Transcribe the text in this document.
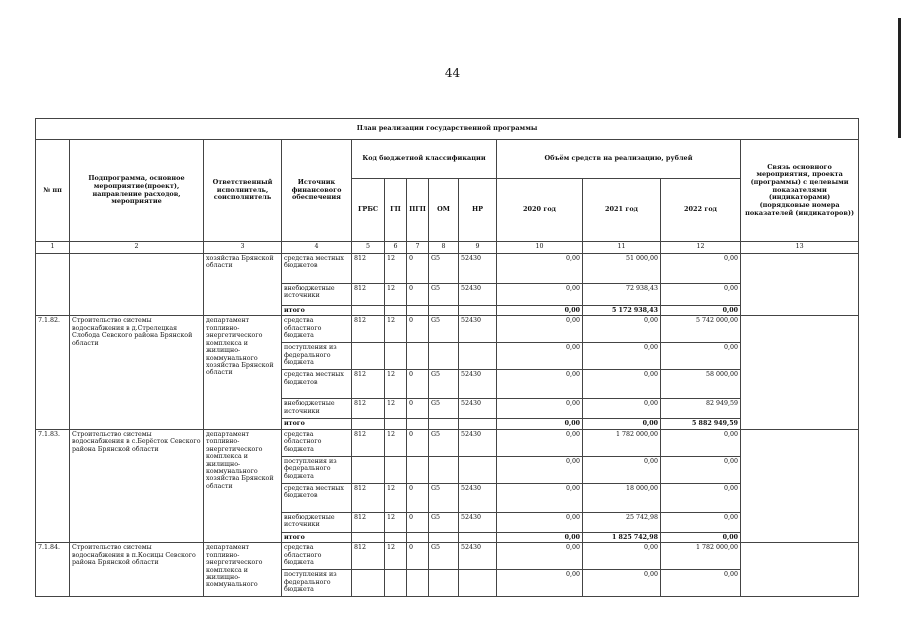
44
План реализации государственной программы												
№ пп	Подпрограмма, основное мероприятие(проект), направление расходов, мероприятие	Ответственный исполнитель, соисполнитель	Источник финансового обеспечения	Код бюджетной классификации					Объём средств на реализацию, рублей			Связь основного мероприятия, проекта (программы) с целевыми показателями (индикаторами) (порядковые номера показателей (индикаторов))
				ГРБС	ГП	ПГП	ОМ	НР	2020 год	2021 год	2022 год	
1	2	3	4	5	6	7	8	9	10	11	12	13
		хозяйства Брянской области	средства местных бюджетов	812	12	0	G5	52430	0,00	51 000,00	0,00	
			внебюджетные источники	812	12	0	G5	52430	0,00	72 938,43	0,00	
			итого						0,00	5 172 938,43	0,00	
7.1.82.	Строительство системы водоснабжения в д.Стрелецкая Слобода Севского района Брянской области	департамент топливно-энергетического комплекса и жилищно-коммунального хозяйства Брянской области	средства областного бюджета	812	12	0	G5	52430	0,00	0,00	5 742 000,00	
			поступления из федерального бюджета						0,00	0,00	0,00	
			средства местных бюджетов	812	12	0	G5	52430	0,00	0,00	58 000,00	
			внебюджетные источники	812	12	0	G5	52430	0,00	0,00	82 949,59	
			итого						0,00	0,00	5 882 949,59	
7.1.83.	Строительство системы водоснабжения в с.Берёсток Севского района Брянской области	департамент топливно-энергетического комплекса и жилищно-коммунального хозяйства Брянской области	средства областного бюджета	812	12	0	G5	52430	0,00	1 782 000,00	0,00	
			поступления из федерального бюджета						0,00	0,00	0,00	
			средства местных бюджетов	812	12	0	G5	52430	0,00	18 000,00	0,00	
			внебюджетные источники	812	12	0	G5	52430	0,00	25 742,98	0,00	
			итого						0,00	1 825 742,98	0,00	
7.1.84.	Строительство системы водоснабжения в п.Косицы Севского района Брянской области	департамент топливно-энергетического комплекса и жилищно-коммунального	средства областного бюджета	812	12	0	G5	52430	0,00	0,00	1 782 000,00	
			поступления из федерального бюджета						0,00	0,00	0,00	
